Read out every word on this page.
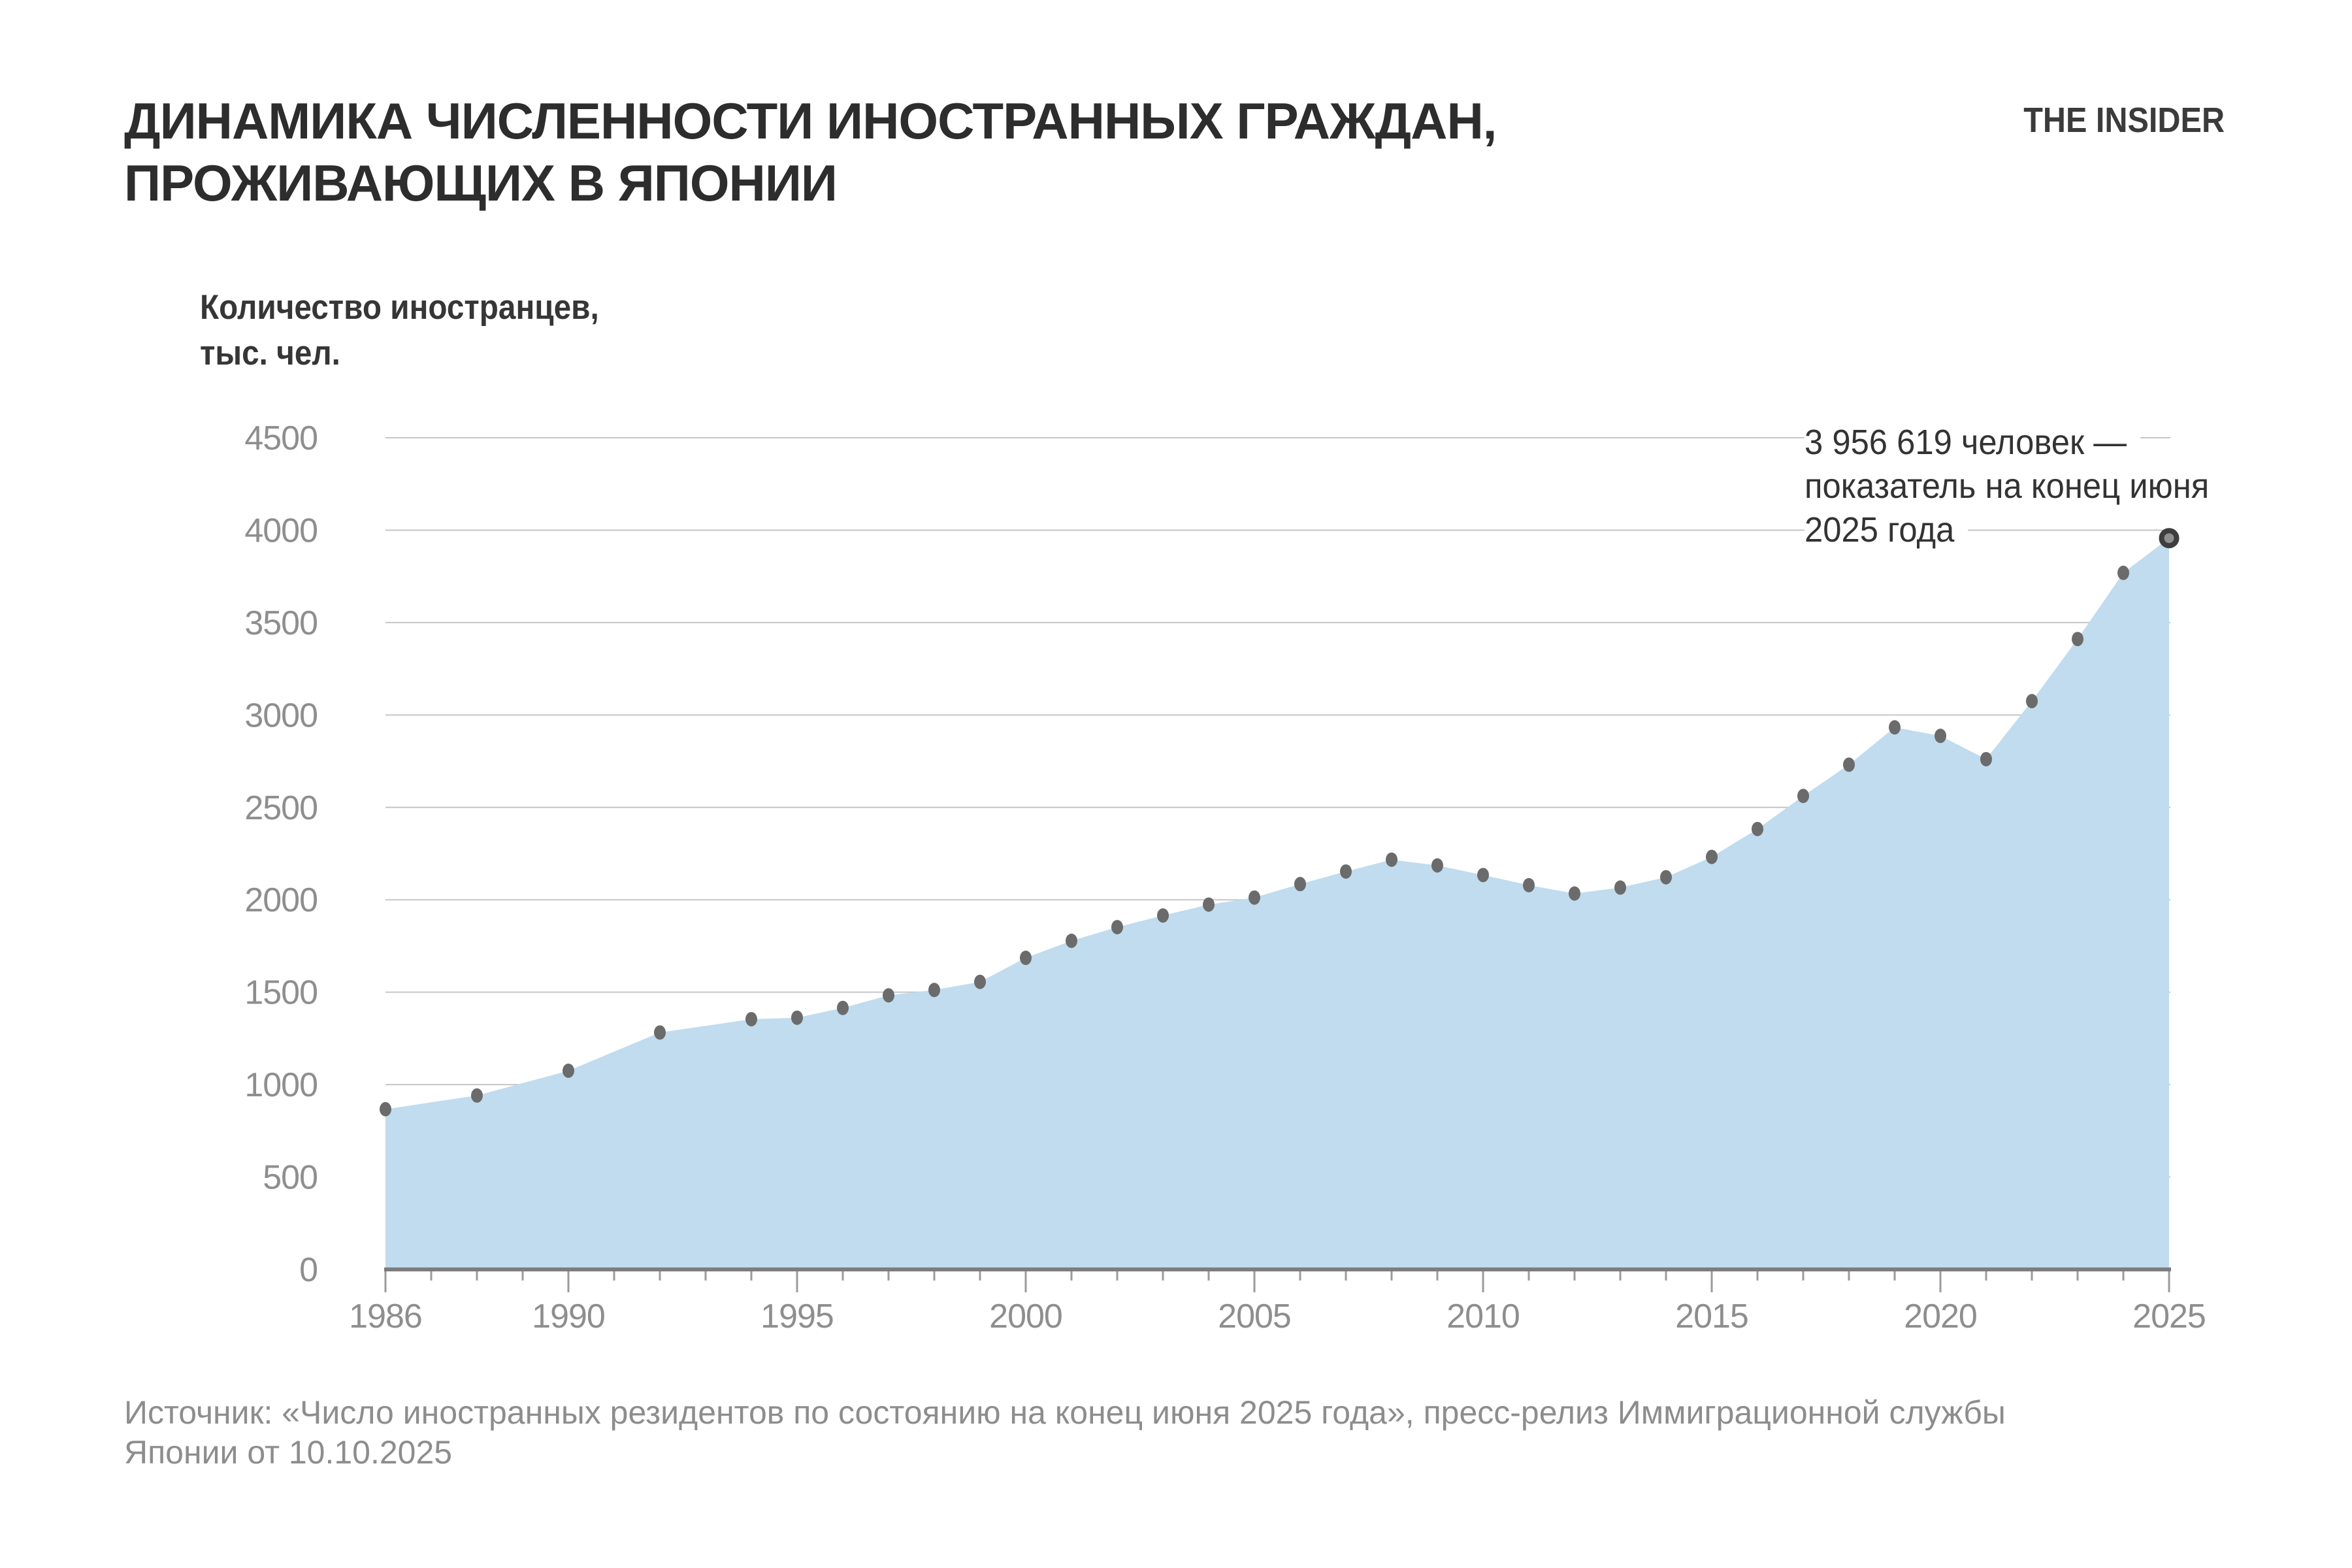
1986	1990	1995	2000	2005	2010	2015	2020	2025
0
500
1000
1500
2000
2500
3000
3500
4000
4500
ДИНАМИКА ЧИСЛЕННОСТИ ИНОСТРАННЫХ ГРАЖДАН,
ПРОЖИВАЮЩИХ В ЯПОНИИ
THE INSIDER
Количество иностранцев,
тыс. чел.
3 956 619 человек —
показатель на конец июня
2025 года
Источник: «Число иностранных резидентов по состоянию на конец июня 2025 года», пресс-релиз Иммиграционной службы
Японии от 10.10.2025
